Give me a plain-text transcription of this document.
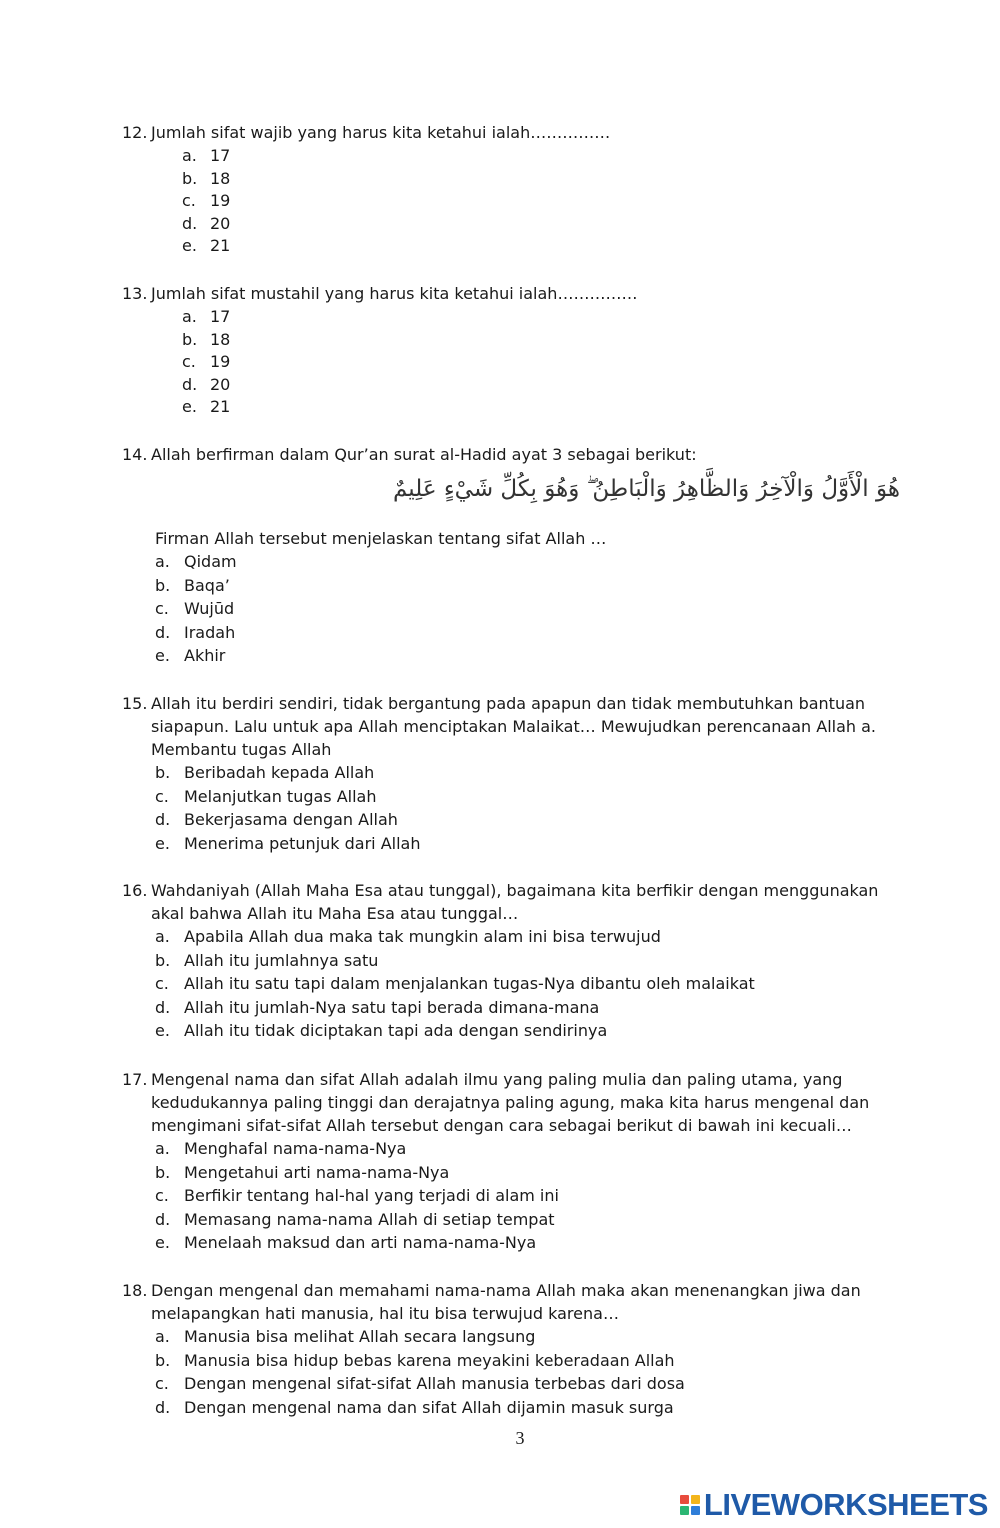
12. Jumlah sifat wajib yang harus kita ketahui ialah……………
a. 17
b. 18
c. 19
d. 20
e. 21
13. Jumlah sifat mustahil yang harus kita ketahui ialah……………
a. 17
b. 18
c. 19
d. 20
e. 21
14. Allah berfirman dalam Qur’an surat al-Hadid ayat 3 sebagai berikut:
هُوَ الْأَوَّلُ وَالْآخِرُ وَالظَّاهِرُ وَالْبَاطِنُ ۖ وَهُوَ بِكُلِّ شَيْءٍ عَلِيمٌ
Firman Allah tersebut menjelaskan tentang sifat Allah …
a. Qidam
b. Baqa’
c. Wujūd
d. Iradah
e. Akhir
15. Allah itu berdiri sendiri, tidak bergantung pada apapun dan tidak membutuhkan bantuan siapapun. Lalu untuk apa Allah menciptakan Malaikat… Mewujudkan perencanaan Allah a. Membantu tugas Allah
b. Beribadah kepada Allah
c. Melanjutkan tugas Allah
d. Bekerjasama dengan Allah
e. Menerima petunjuk dari Allah
16. Wahdaniyah (Allah Maha Esa atau tunggal), bagaimana kita berfikir dengan menggunakan akal bahwa Allah itu Maha Esa atau tunggal…
a. Apabila Allah dua maka tak mungkin alam ini bisa terwujud
b. Allah itu jumlahnya satu
c. Allah itu satu tapi dalam menjalankan tugas-Nya dibantu oleh malaikat
d. Allah itu jumlah-Nya satu tapi berada dimana-mana
e. Allah itu tidak diciptakan tapi ada dengan sendirinya
17. Mengenal nama dan sifat Allah adalah ilmu yang paling mulia dan paling utama, yang kedudukannya paling tinggi dan derajatnya paling agung, maka kita harus mengenal dan mengimani sifat-sifat Allah tersebut dengan cara sebagai berikut di bawah ini kecuali…
a. Menghafal nama-nama-Nya
b. Mengetahui arti nama-nama-Nya
c. Berfikir tentang hal-hal yang terjadi di alam ini
d. Memasang nama-nama Allah di setiap tempat
e. Menelaah maksud dan arti nama-nama-Nya
18. Dengan mengenal dan memahami nama-nama Allah maka akan menenangkan jiwa dan melapangkan hati manusia, hal itu bisa terwujud karena…
a. Manusia bisa melihat Allah secara langsung
b. Manusia bisa hidup bebas karena meyakini keberadaan Allah
c. Dengan mengenal sifat-sifat Allah manusia terbebas dari dosa
d. Dengan mengenal nama dan sifat Allah dijamin masuk surga
3
LIVEWORKSHEETS
